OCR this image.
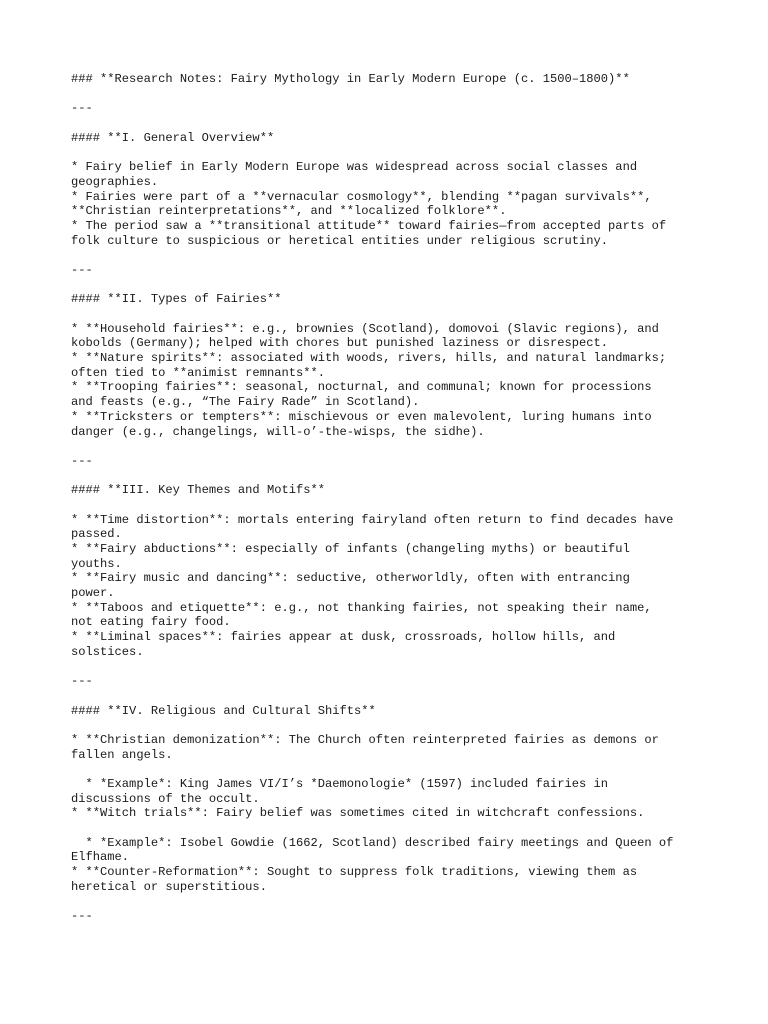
### **Research Notes: Fairy Mythology in Early Modern Europe (c. 1500–1800)**
---
#### **I. General Overview**
* Fairy belief in Early Modern Europe was widespread across social classes and
geographies.
* Fairies were part of a **vernacular cosmology**, blending **pagan survivals**,
**Christian reinterpretations**, and **localized folklore**.
* The period saw a **transitional attitude** toward fairies—from accepted parts of
folk culture to suspicious or heretical entities under religious scrutiny.
---
#### **II. Types of Fairies**
* **Household fairies**: e.g., brownies (Scotland), domovoi (Slavic regions), and
kobolds (Germany); helped with chores but punished laziness or disrespect.
* **Nature spirits**: associated with woods, rivers, hills, and natural landmarks;
often tied to **animist remnants**.
* **Trooping fairies**: seasonal, nocturnal, and communal; known for processions
and feasts (e.g., “The Fairy Rade” in Scotland).
* **Tricksters or tempters**: mischievous or even malevolent, luring humans into
danger (e.g., changelings, will-o’-the-wisps, the sidhe).
---
#### **III. Key Themes and Motifs**
* **Time distortion**: mortals entering fairyland often return to find decades have
passed.
* **Fairy abductions**: especially of infants (changeling myths) or beautiful
youths.
* **Fairy music and dancing**: seductive, otherworldly, often with entrancing
power.
* **Taboos and etiquette**: e.g., not thanking fairies, not speaking their name,
not eating fairy food.
* **Liminal spaces**: fairies appear at dusk, crossroads, hollow hills, and
solstices.
---
#### **IV. Religious and Cultural Shifts**
* **Christian demonization**: The Church often reinterpreted fairies as demons or
fallen angels.
* *Example*: King James VI/I’s *Daemonologie* (1597) included fairies in
discussions of the occult.
* **Witch trials**: Fairy belief was sometimes cited in witchcraft confessions.
* *Example*: Isobel Gowdie (1662, Scotland) described fairy meetings and Queen of
Elfhame.
* **Counter-Reformation**: Sought to suppress folk traditions, viewing them as
heretical or superstitious.
---
